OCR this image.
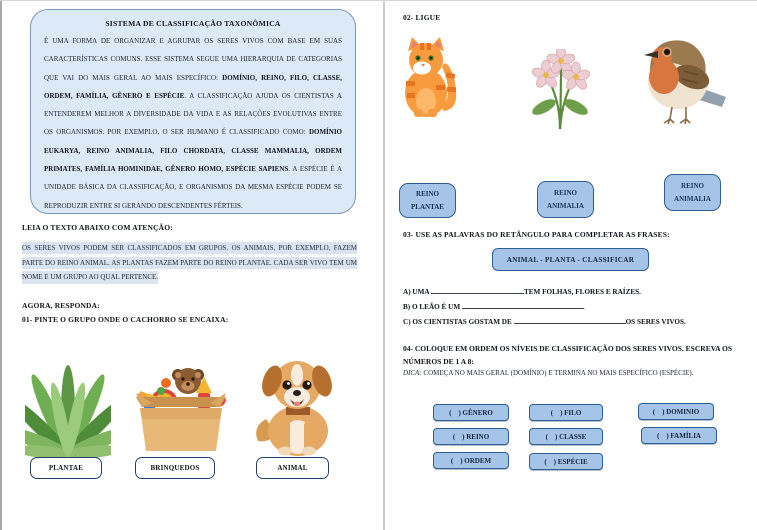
SISTEMA DE CLASSIFICAÇÃO TAXONÔMICA
É UMA FORMA DE ORGANIZAR E AGRUPAR OS SERES VIVOS COM BASE EM SUAS CARACTERÍSTICAS COMUNS. ESSE SISTEMA SEGUE UMA HIERARQUIA DE CATEGORIAS QUE VAI DO MAIS GERAL AO MAIS ESPECÍFICO: DOMÍNIO, REINO, FILO, CLASSE, ORDEM, FAMÍLIA, GÊNERO E ESPÉCIE. A CLASSIFICAÇÃO AJUDA OS CIENTISTAS A ENTENDEREM MELHOR A DIVERSIDADE DA VIDA E AS RELAÇÕES EVOLUTIVAS ENTRE OS ORGANISMOS. POR EXEMPLO, O SER HUMANO É CLASSIFICADO COMO: DOMÍNIO EUKARYA, REINO ANIMALIA, FILO CHORDATA, CLASSE MAMMALIA, ORDEM PRIMATES, FAMÍLIA HOMINIDAE, GÊNERO HOMO, ESPÉCIE SAPIENS. A ESPÉCIE É A UNIDADE BÁSICA DA CLASSIFICAÇÃO, E ORGANISMOS DA MESMA ESPÉCIE PODEM SE REPRODUZIR ENTRE SI GERANDO DESCENDENTES FÉRTEIS.
LEIA O TEXTO ABAIXO COM ATENÇÃO:
OS SERES VIVOS PODEM SER CLASSIFICADOS EM GRUPOS. OS ANIMAIS, POR EXEMPLO, FAZEM PARTE DO REINO ANIMAL. AS PLANTAS FAZEM PARTE DO REINO PLANTAE. CADA SER VIVO TEM UM NOME E UM GRUPO AO QUAL PERTENCE.
AGORA, RESPONDA:
01- PINTE O GRUPO ONDE O CACHORRO SE ENCAIXA:
PLANTAE	BRINQUEDOS	ANIMAL
02- LIGUE
REINO
PLANTAE
REINO
ANIMALIA
REINO
ANIMALIA
03- USE AS PALAVRAS DO RETÂNGULO PARA COMPLETAR AS FRASES:
ANIMAL - PLANTA - CLASSIFICAR
A) UMA	TEM FOLHAS, FLORES E RAÍZES.
B) O LEÃO É UM	.
C) OS CIENTISTAS GOSTAM DE	OS SERES VIVOS.
04- COLOQUE EM ORDEM OS NÍVEIS DE CLASSIFICAÇÃO DOS SERES VIVOS. ESCREVA OS NÚMEROS DE 1 A 8:
DICA: COMEÇA NO MAIS GERAL (DOMÍNIO) E TERMINA NO MAIS ESPECÍFICO (ESPÉCIE).
(    ) GÊNERO	(    ) FILO	(    ) DOMINIO
(    ) REINO	(    ) CLASSE	(    ) FAMÍLIA
(    ) ORDEM	(    ) ESPÉCIE
